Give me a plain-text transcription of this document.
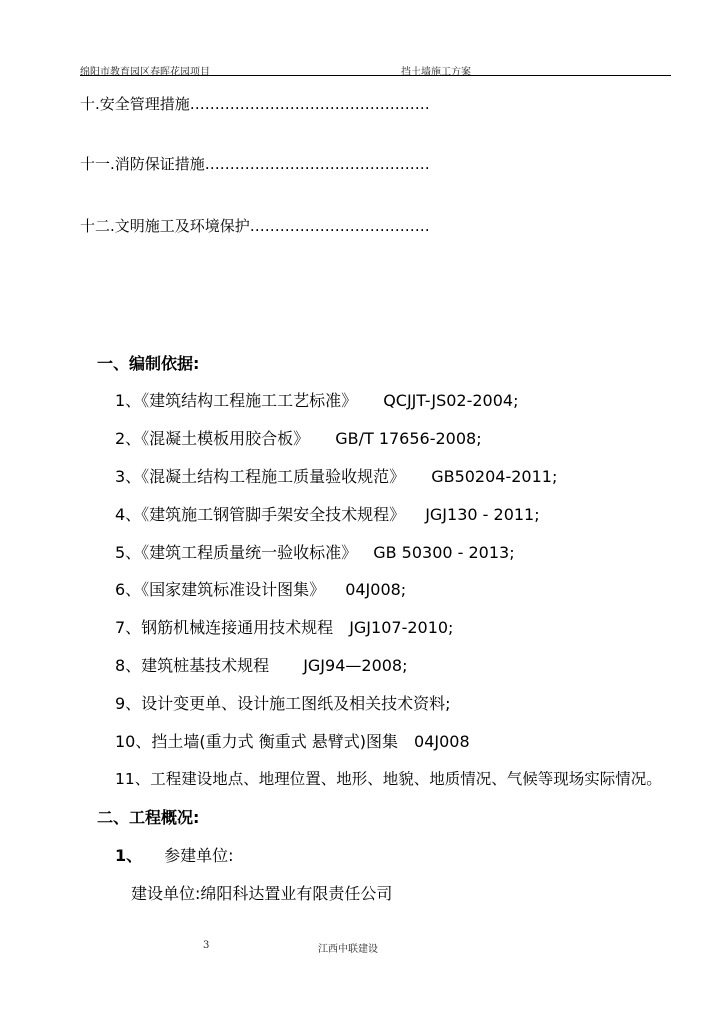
绵阳市教育园区春晖花园项目	挡土墙施工方案
十.安全管理措施…………………………………………
十一.消防保证措施………………………………………
十二.文明施工及环境保护………………………………
一、编制依据:
1、《建筑结构工程施工工艺标准》 QCJJT-JS02-2004;
2、《混凝土模板用胶合板》 GB/T 17656-2008;
3、《混凝土结构工程施工质量验收规范》 GB50204-2011;
4、《建筑施工钢管脚手架安全技术规程》 JGJ130 - 2011;
5、《建筑工程质量统一验收标准》 GB 50300 - 2013;
6、《国家建筑标准设计图集》 04J008;
7、钢筋机械连接通用技术规程 JGJ107-2010;
8、建筑桩基技术规程 JGJ94—2008;
9、设计变更单、设计施工图纸及相关技术资料;
10、挡土墙(重力式 衡重式 悬臂式)图集 04J008
11、工程建设地点、地理位置、地形、地貌、地质情况、气候等现场实际情况。
二、工程概况:
1、 参建单位:
建设单位:绵阳科达置业有限责任公司
3	江西中联建设
